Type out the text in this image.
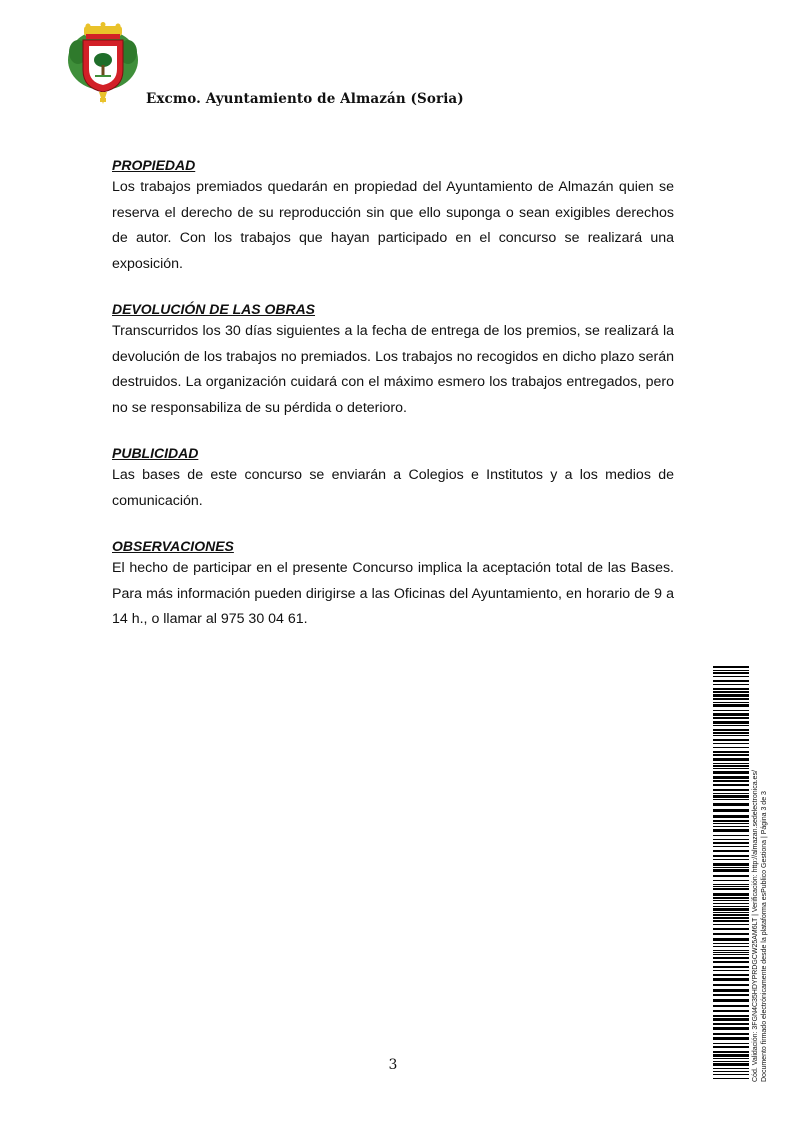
Excmo. Ayuntamiento de Almazán (Soria)

PROPIEDAD

Los trabajos premiados quedarán en propiedad del Ayuntamiento de Almazán quien se reserva el derecho de su reproducción sin que ello suponga o sean exigibles derechos de autor. Con los trabajos que hayan participado en el concurso se realizará una exposición.

DEVOLUCIÓN DE LAS OBRAS

Transcurridos los 30 días siguientes a la fecha de entrega de los premios, se realizará la devolución de los trabajos no premiados. Los trabajos no recogidos en dicho plazo serán destruidos. La organización cuidará con el máximo esmero los trabajos entregados, pero no se responsabiliza de su pérdida o deterioro.

PUBLICIDAD

Las bases de este concurso se enviarán a Colegios e Institutos y a los medios de comunicación.

OBSERVACIONES

El hecho de participar en el presente Concurso implica la aceptación total de las Bases. Para más información pueden dirigirse a las Oficinas del Ayuntamiento, en horario de 9 a 14 h., o llamar al 975 30 04 61.

3	Cód. Validación: 3FGN4C35HDYPRDGCW25AM6LT | Verificación: http://almazan.sedelectronica.es/ Documento firmado electrónicamente desde la plataforma esPublico Gestiona | Página 3 de 3
